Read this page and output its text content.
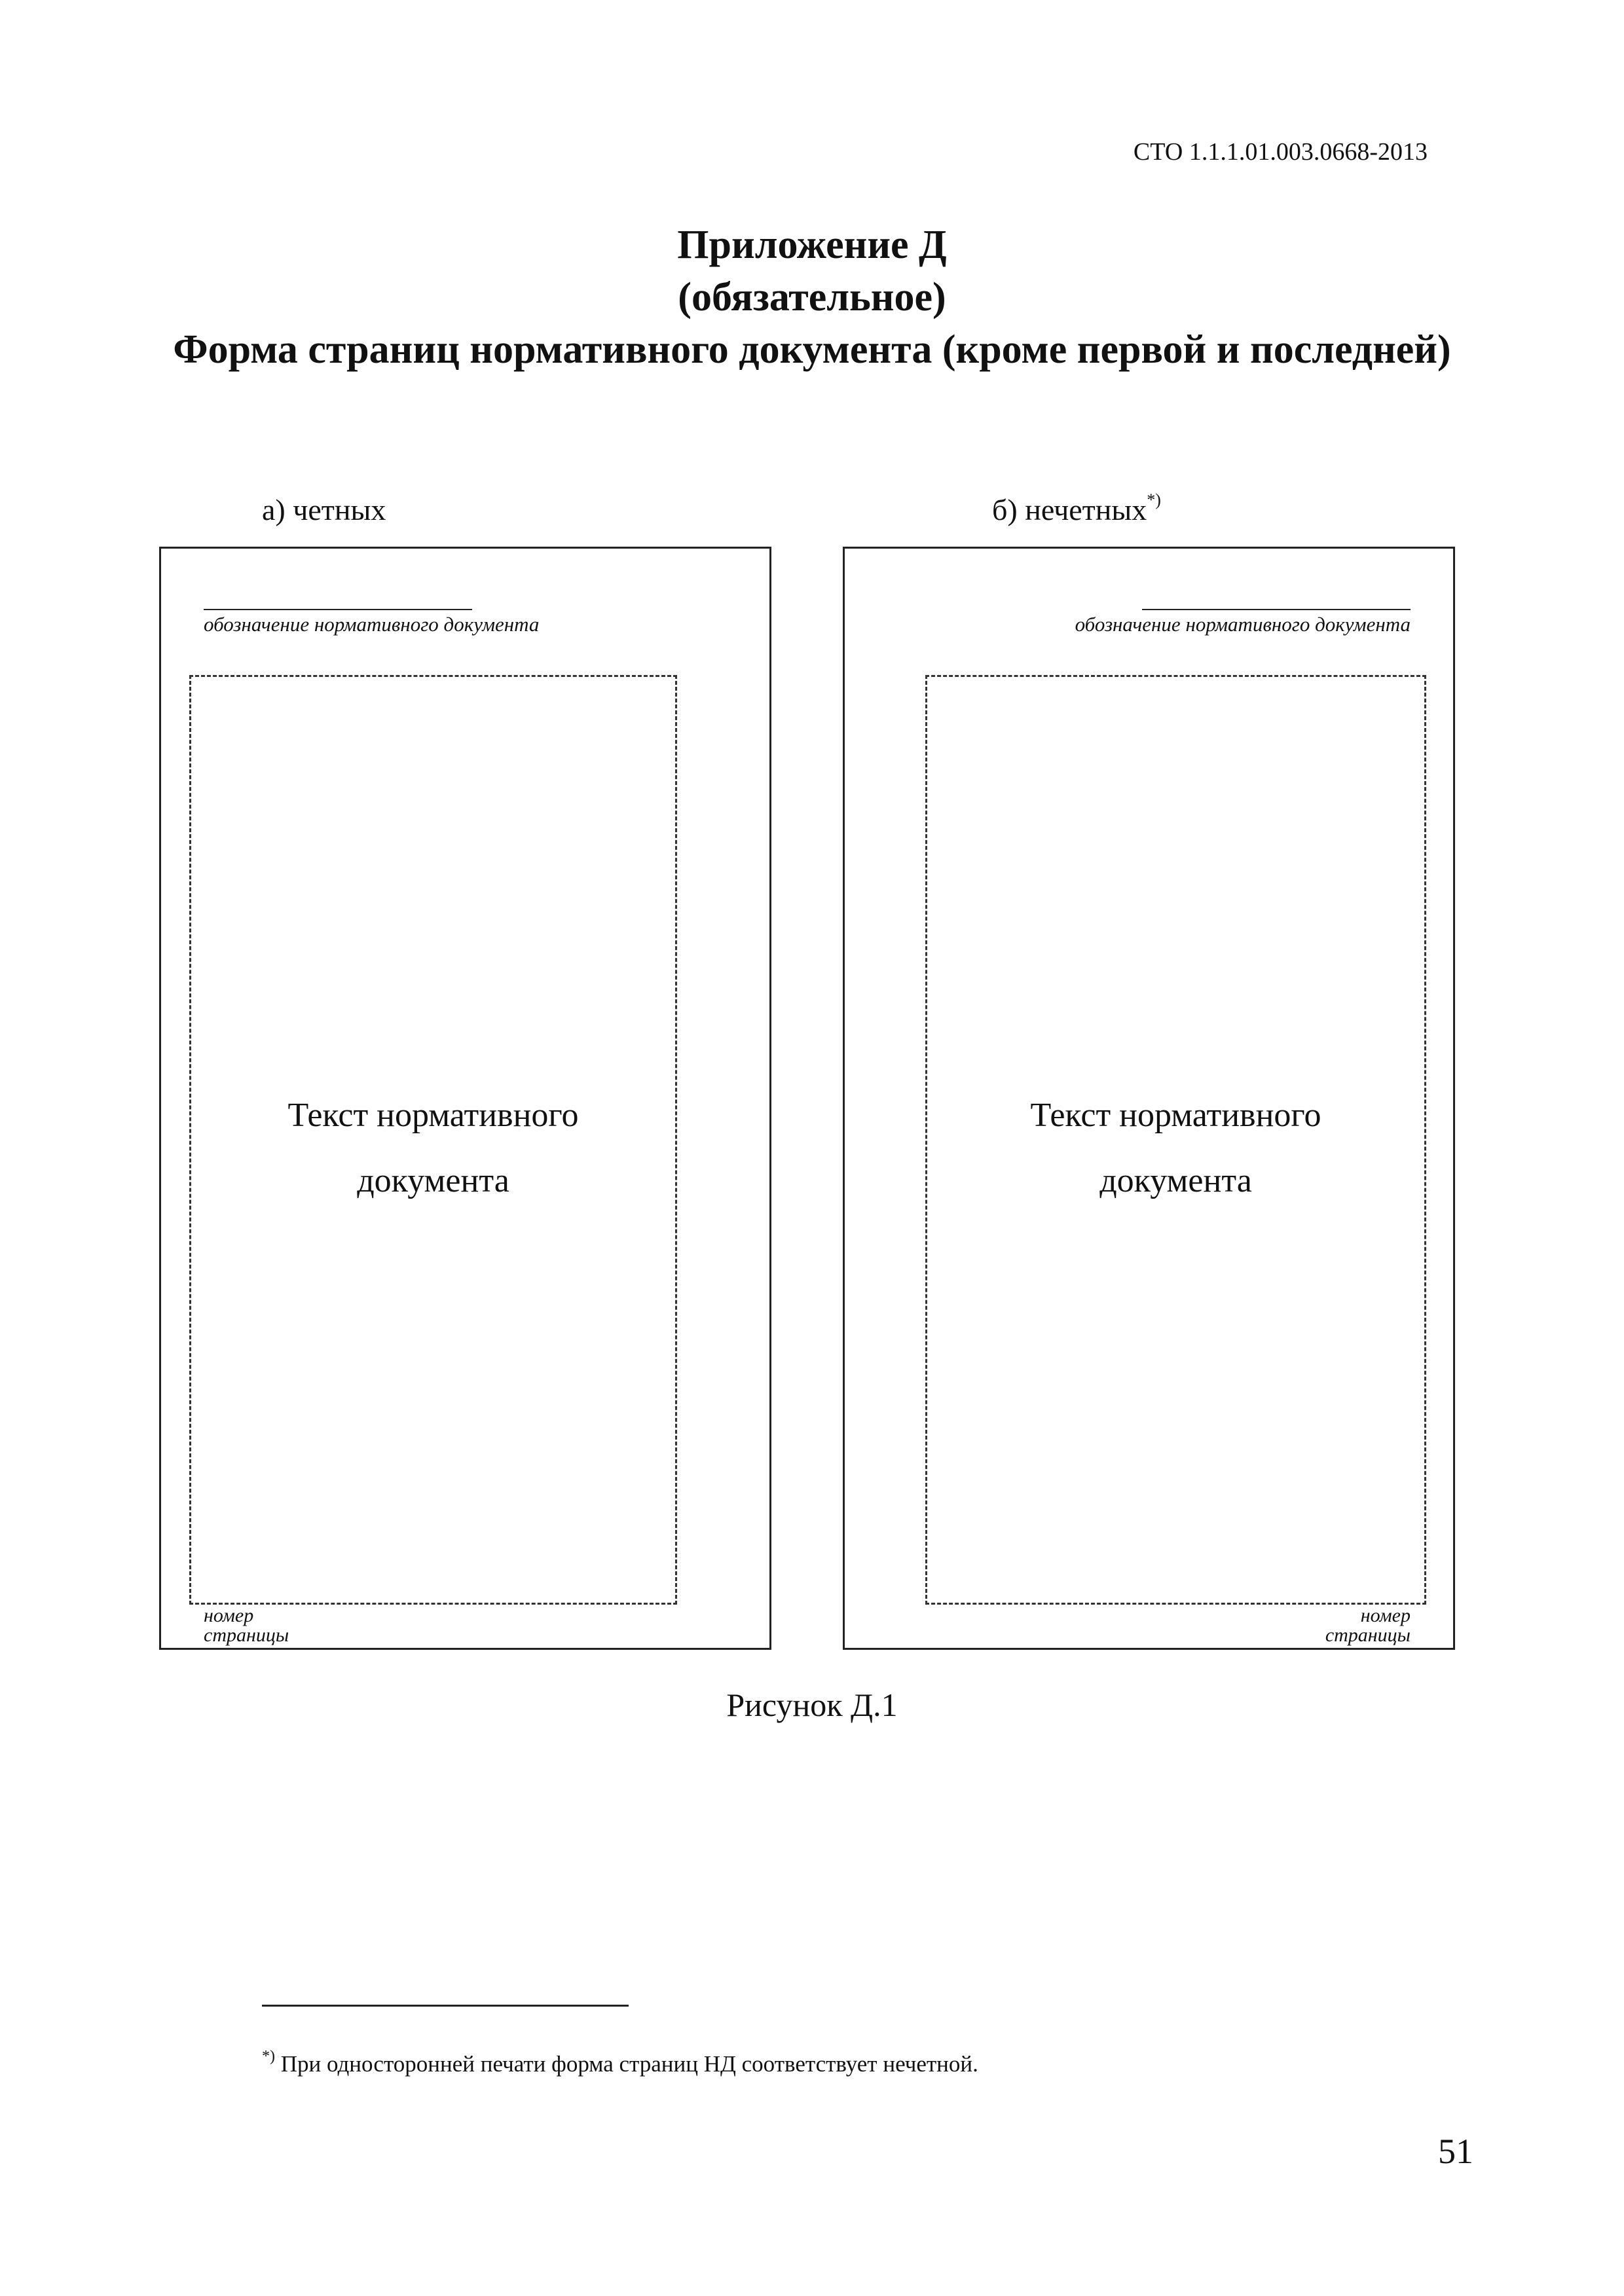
СТО 1.1.1.01.003.0668-2013
Приложение Д
(обязательное)
Форма страниц нормативного документа (кроме первой и последней)
а) четных	б) нечетных*)
обозначение нормативного документа
Текст нормативного
документа
номер
страницы
обозначение нормативного документа
Текст нормативного
документа
номер
страницы
Рисунок Д.1
*) При односторонней печати форма страниц НД соответствует нечетной.
51
